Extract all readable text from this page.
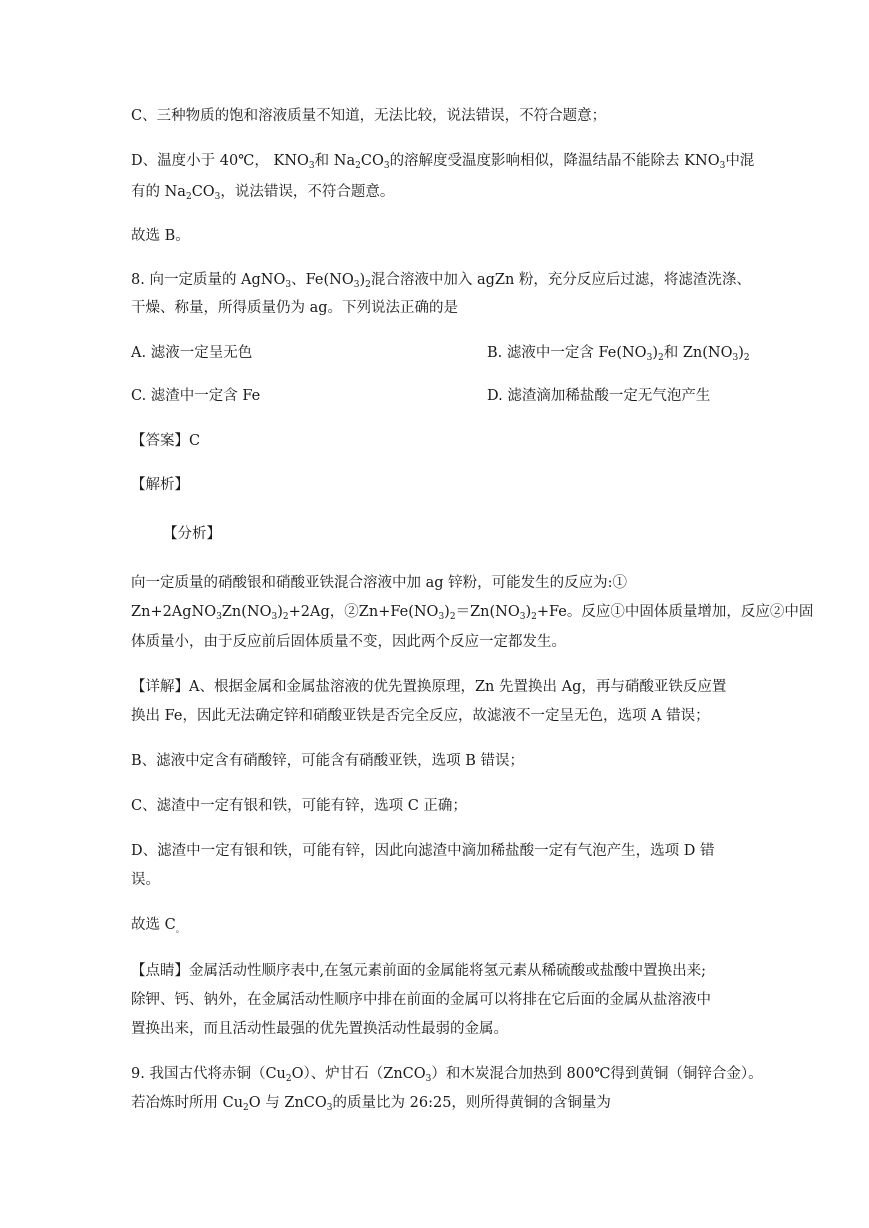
C、三种物质的饱和溶液质量不知道，无法比较，说法错误，不符合题意；
D、温度小于 40℃， $KNO_3$和 $Na_2CO_3$的溶解度受温度影响相似，降温结晶不能除去 $KNO_3$中混
有的 $Na_2CO_3$，说法错误，不符合题意。
故选 B。
8. 向一定质量的 AgNO$_3$、$Fe(NO_3)_2$混合溶液中加入 agZn 粉，充分反应后过滤，将滤渣洗涤、
干燥、称量，所得质量仍为 ag。下列说法正确的是
A. 滤液一定呈无色	B. 滤液中一定含 $Fe(NO_3)_2$和 $Zn(NO_3)_2$
C. 滤渣中一定含 Fe	D. 滤渣滴加稀盐酸一定无气泡产生
【答案】C
【解析】
【分析】
向一定质量的硝酸银和硝酸亚铁混合溶液中加 ag 锌粉，可能发生的反应为:①
$Zn+2AgNO_3Zn(NO_3)_2+2Ag$，$②Zn+Fe(NO_3)_2=Zn(NO_3)_2+Fe$。反应①中固体质量增加，反应②中固
体质量小，由于反应前后固体质量不变，因此两个反应一定都发生。
【详解】A、根据金属和金属盐溶液的优先置换原理，Zn 先置换出 Ag，再与硝酸亚铁反应置
换出 Fe，因此无法确定锌和硝酸亚铁是否完全反应，故滤液不一定呈无色，选项 A 错误；
B、滤液中定含有硝酸锌，可能含有硝酸亚铁，选项 B 错误；
C、滤渣中一定有银和铁，可能有锌，选项 C 正确；
D、滤渣中一定有银和铁，可能有锌，因此向滤渣中滴加稀盐酸一定有气泡产生，选项 D 错
误。
故选 $C_。$
【点睛】金属活动性顺序表中,在氢元素前面的金属能将氢元素从稀硫酸或盐酸中置换出来;
除钾、钙、钠外，在金属活动性顺序中排在前面的金属可以将排在它后面的金属从盐溶液中
置换出来，而且活动性最强的优先置换活动性最弱的金属。
9. 我国古代将赤铜$(Cu_2O)$、炉甘石（ZnCO$_3$）和木炭混合加热到 800℃得到黄铜（铜锌合金）。
若冶炼时所用 $Cu_2O$ 与 ZnCO$_3$的质量比为 26:25，则所得黄铜的含铜量为
